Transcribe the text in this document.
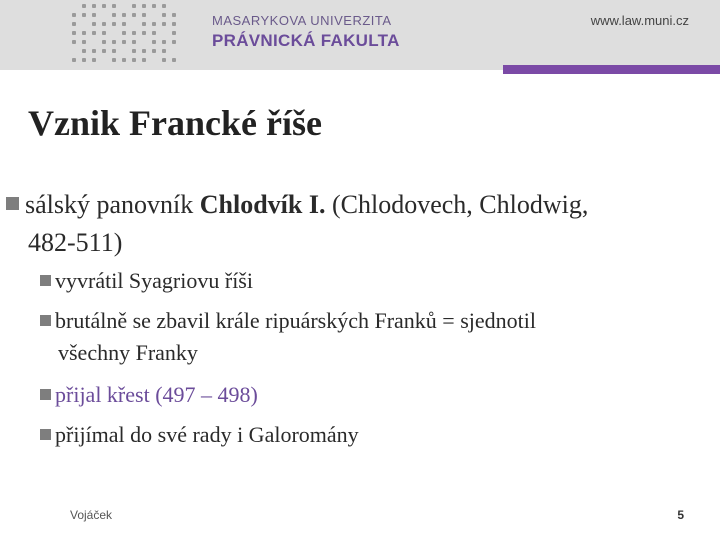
MASARYKOVA UNIVERZITA
PRÁVNICKÁ FAKULTA
www.law.muni.cz
Vznik Francké říše
sálský panovník Chlodvík I. (Chlodovech, Chlodwig,
482-511)
vyvrátil Syagriovu říši
brutálně se zbavil krále ripuárských Franků = sjednotil
všechny Franky
přijal křest (497 – 498)
přijímal do své rady i Galoromány
Vojáček	5
